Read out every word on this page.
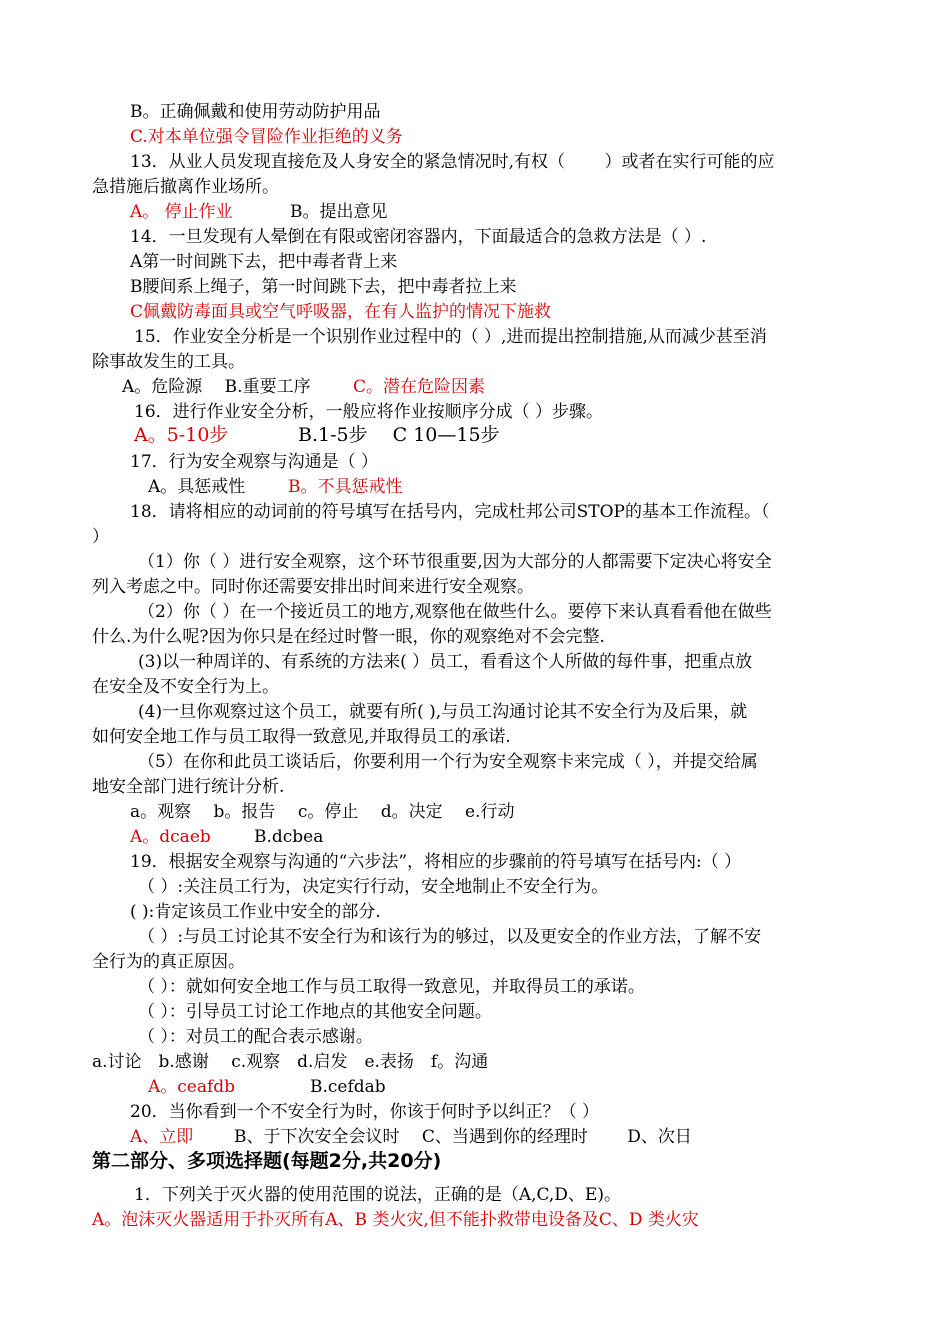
B。正确佩戴和使用劳动防护用品
C.对本单位强令冒险作业拒绝的义务
13．从业人员发现直接危及人身安全的紧急情况时,有权（　　 ）或者在实行可能的应
急措施后撤离作业场所。
A。 停止作业	B。提出意见
14．一旦发现有人晕倒在有限或密闭容器内，下面最适合的急救方法是（ ）.
A第一时间跳下去，把中毒者背上来
B腰间系上绳子，第一时间跳下去，把中毒者拉上来
C佩戴防毒面具或空气呼吸器，在有人监护的情况下施救
15．作业安全分析是一个识别作业过程中的（ ）,进而提出控制措施,从而减少甚至消
除事故发生的工具。
A。危险源　 B.重要工序 C。潜在危险因素
16．进行作业安全分析，一般应将作业按顺序分成（ ）步骤。
A。5-10步	B.1-5步　 C 10—15步
17．行为安全观察与沟通是（ ）
A。具惩戒性	B。不具惩戒性
18．请将相应的动词前的符号填写在括号内，完成杜邦公司STOP的基本工作流程。（
）
（1）你（ ）进行安全观察，这个环节很重要,因为大部分的人都需要下定决心将安全
列入考虑之中。同时你还需要安排出时间来进行安全观察。
（2）你（ ）在一个接近员工的地方,观察他在做些什么。要停下来认真看看他在做些
什么.为什么呢?因为你只是在经过时瞥一眼，你的观察绝对不会完整.
(3)以一种周详的、有系统的方法来( ）员工，看看这个人所做的每件事，把重点放
在安全及不安全行为上。
(4)一旦你观察过这个员工，就要有所( ),与员工沟通讨论其不安全行为及后果，就
如何安全地工作与员工取得一致意见,并取得员工的承诺.
（5）在你和此员工谈话后，你要利用一个行为安全观察卡来完成（ ），并提交给属
地安全部门进行统计分析.
a。观察　 b。报告　 c。停止　 d。决定　 e.行动
A。dcaeb	B.dcbea
19．根据安全观察与沟通的“六步法”，将相应的步骤前的符号填写在括号内:（ ）
（ ）:关注员工行为，决定实行行动，安全地制止不安全行为。
( ):肯定该员工作业中安全的部分.
（ ）:与员工讨论其不安全行为和该行为的够过，以及更安全的作业方法，了解不安
全行为的真正原因。
（ ）：就如何安全地工作与员工取得一致意见，并取得员工的承诺。
（ ）：引导员工讨论工作地点的其他安全问题。
（ ）：对员工的配合表示感谢。
a.讨论　b.感谢　 c.观察　d.启发　e.表扬　f。沟通
A。ceafdb	B.cefdab
20．当你看到一个不安全行为时，你该于何时予以纠正？（ ）
A、立即 B、于下次安全会议时　 C、当遇到你的经理时　　 D、次日
第二部分、多项选择题(每题2分,共20分)
1．下列关于灭火器的使用范围的说法，正确的是（A,C,D、E)。
A。泡沫灭火器适用于扑灭所有A、B 类火灾,但不能扑救带电设备及C、D 类火灾
